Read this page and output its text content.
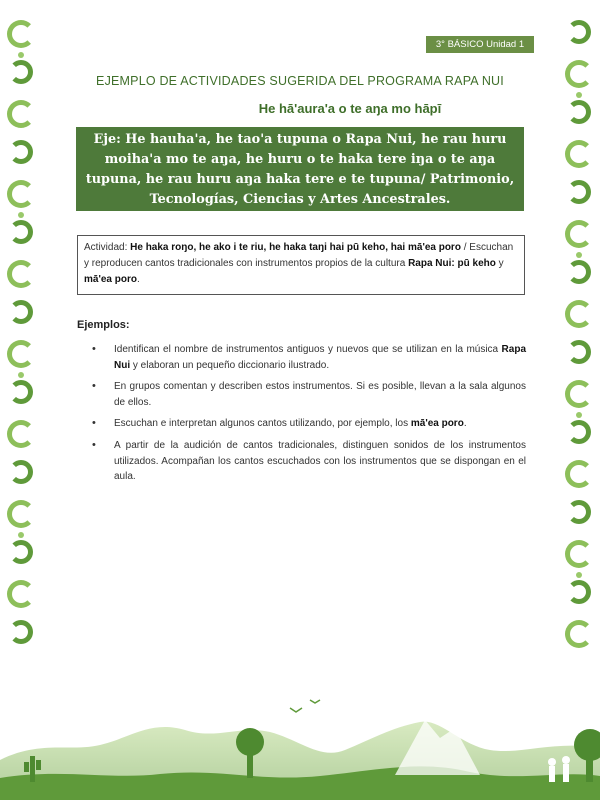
3° BÁSICO Unidad 1
EJEMPLO DE ACTIVIDADES SUGERIDA DEL PROGRAMA RAPA NUI
He hā'aura'a o te aŋa mo hāpī
Eje: He hauha'a, he tao'a tupuna o Rapa Nui, he rau huru moiha'a mo te aŋa, he huru o te haka tere iŋa o te aŋa tupuna, he rau huru aŋa haka tere e te tupuna/ Patrimonio, Tecnologías, Ciencias y Artes Ancestrales.
Actividad: He haka roŋo, he ako i te riu, he haka taŋi hai pū keho, hai mā'ea poro / Escuchan y reproducen cantos tradicionales con instrumentos propios de la cultura Rapa Nui: pū keho y mā'ea poro.
Ejemplos:
• Identifican el nombre de instrumentos antiguos y nuevos que se utilizan en la música Rapa Nui y elaboran un pequeño diccionario ilustrado.
• En grupos comentan y describen estos instrumentos. Si es posible, llevan a la sala algunos de ellos.
• Escuchan e interpretan algunos cantos utilizando, por ejemplo, los mā'ea poro.
• A partir de la audición de cantos tradicionales, distinguen sonidos de los instrumentos utilizados. Acompañan los cantos escuchados con los instrumentos que se dispongan en el aula.
